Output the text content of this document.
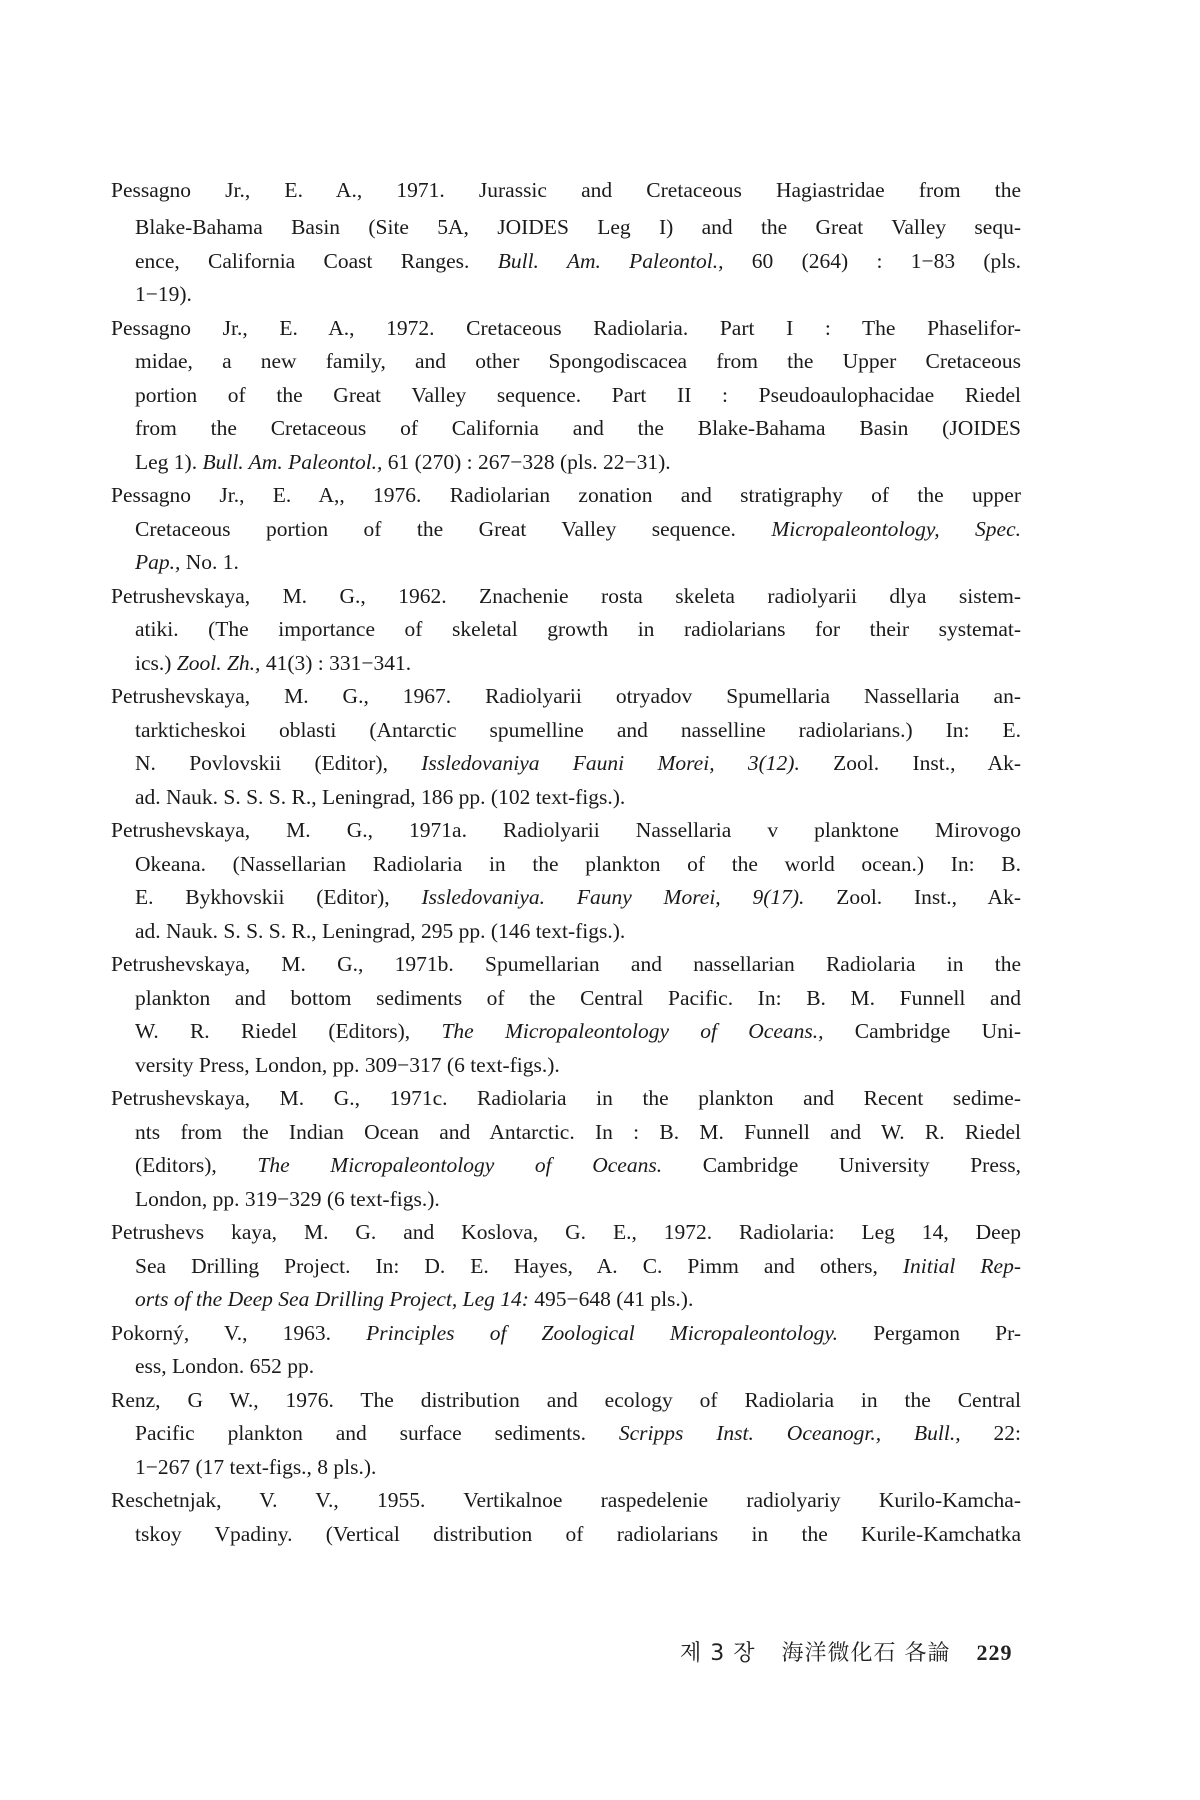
Pessagno Jr., E. A., 1971. Jurassic and Cretaceous Hagiastridae from the
Blake-Bahama Basin (Site 5A, JOIDES Leg I) and the Great Valley sequ-
ence, California Coast Ranges. Bull. Am. Paleontol., 60 (264) : 1−83 (pls.
1−19).
Pessagno Jr., E. A., 1972. Cretaceous Radiolaria. Part I : The Phaselifor-
midae, a new family, and other Spongodiscacea from the Upper Cretaceous
portion of the Great Valley sequence. Part II : Pseudoaulophacidae Riedel
from the Cretaceous of California and the Blake-Bahama Basin (JOIDES
Leg 1). Bull. Am. Paleontol., 61 (270) : 267−328 (pls. 22−31).
Pessagno Jr., E. A,, 1976. Radiolarian zonation and stratigraphy of the upper
Cretaceous portion of the Great Valley sequence. Micropaleontology, Spec.
Pap., No. 1.
Petrushevskaya, M. G., 1962. Znachenie rosta skeleta radiolyarii dlya sistem-
atiki. (The importance of skeletal growth in radiolarians for their systemat-
ics.) Zool. Zh., 41(3) : 331−341.
Petrushevskaya, M. G., 1967. Radiolyarii otryadov Spumellaria Nassellaria an-
tarkticheskoi oblasti (Antarctic spumelline and nasselline radiolarians.) In: E.
N. Povlovskii (Editor), Issledovaniya Fauni Morei, 3(12). Zool. Inst., Ak-
ad. Nauk. S. S. S. R., Leningrad, 186 pp. (102 text-figs.).
Petrushevskaya, M. G., 1971a. Radiolyarii Nassellaria v planktone Mirovogo
Okeana. (Nassellarian Radiolaria in the plankton of the world ocean.) In: B.
E. Bykhovskii (Editor), Issledovaniya. Fauny Morei, 9(17). Zool. Inst., Ak-
ad. Nauk. S. S. S. R., Leningrad, 295 pp. (146 text-figs.).
Petrushevskaya, M. G., 1971b. Spumellarian and nassellarian Radiolaria in the
plankton and bottom sediments of the Central Pacific. In: B. M. Funnell and
W. R. Riedel (Editors), The Micropaleontology of Oceans., Cambridge Uni-
versity Press, London, pp. 309−317 (6 text-figs.).
Petrushevskaya, M. G., 1971c. Radiolaria in the plankton and Recent sedime-
nts from the Indian Ocean and Antarctic. In : B. M. Funnell and W. R. Riedel
(Editors), The Micropaleontology of Oceans. Cambridge University Press,
London, pp. 319−329 (6 text-figs.).
Petrushevs kaya, M. G. and Koslova, G. E., 1972. Radiolaria: Leg 14, Deep
Sea Drilling Project. In: D. E. Hayes, A. C. Pimm and others, Initial Rep-
orts of the Deep Sea Drilling Project, Leg 14: 495−648 (41 pls.).
Pokorný, V., 1963. Principles of Zoological Micropaleontology. Pergamon Pr-
ess, London. 652 pp.
Renz, G W., 1976. The distribution and ecology of Radiolaria in the Central
Pacific plankton and surface sediments. Scripps Inst. Oceanogr., Bull., 22:
1−267 (17 text-figs., 8 pls.).
Reschetnjak, V. V., 1955. Vertikalnoe raspedelenie radiolyariy Kurilo-Kamcha-
tskoy Vpadiny. (Vertical distribution of radiolarians in the Kurile-Kamchatka
제 3 장 海洋微化石 各論 229
